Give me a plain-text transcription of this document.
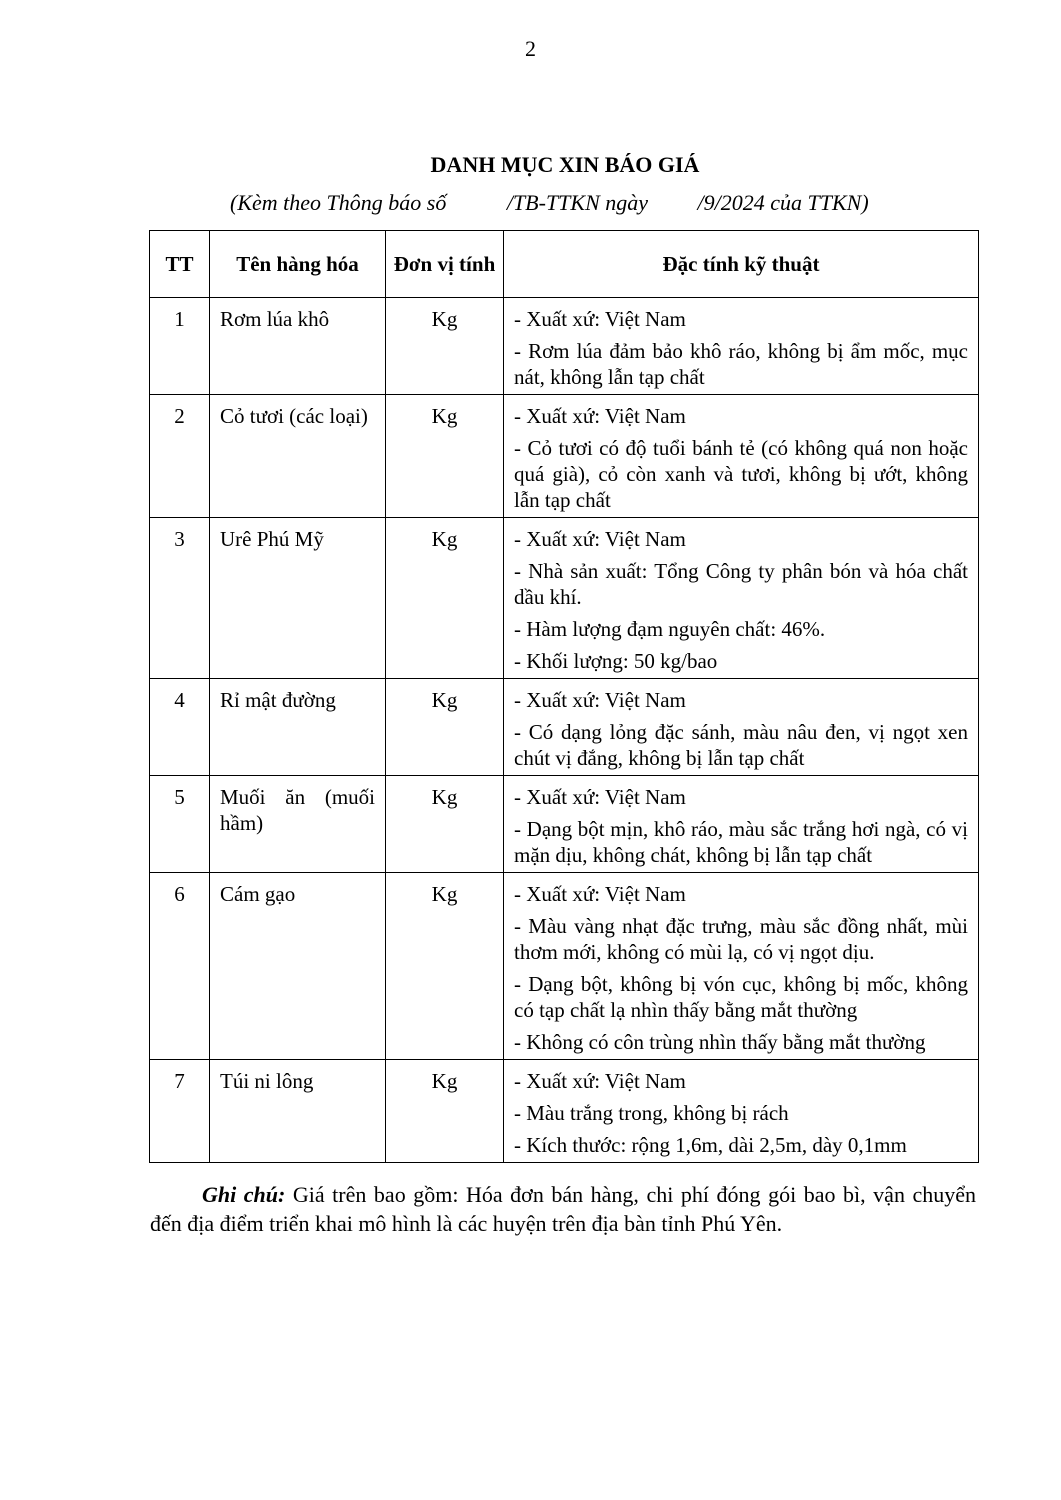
2
DANH MỤC XIN BÁO GIÁ
(Kèm theo Thông báo số           /TB-TTKN ngày         /9/2024 của TTKN)
TT	Tên hàng hóa	Đơn vị tính	Đặc tính kỹ thuật
1	Rơm lúa khô	Kg	- Xuất xứ: Việt Nam
- Rơm lúa đảm bảo khô ráo, không bị ẩm mốc, mục nát, không lẫn tạp chất

2	Cỏ tươi (các loại)	Kg	- Xuất xứ: Việt Nam
- Cỏ tươi có độ tuổi bánh tẻ (có không quá non hoặc quá già), cỏ còn xanh và tươi, không bị ướt, không lẫn tạp chất

3	Urê Phú Mỹ	Kg	- Xuất xứ: Việt Nam
- Nhà sản xuất: Tổng Công ty phân bón và hóa chất dầu khí.
- Hàm lượng đạm nguyên chất: 46%.
- Khối lượng: 50 kg/bao

4	Rỉ mật đường	Kg	- Xuất xứ: Việt Nam
- Có dạng lỏng đặc sánh, màu nâu đen, vị ngọt xen chút vị đắng, không bị lẫn tạp chất

5	Muối ăn (muối hầm)	Kg	- Xuất xứ: Việt Nam
- Dạng bột mịn, khô ráo, màu sắc trắng hơi ngà, có vị mặn dịu, không chát, không bị lẫn tạp chất

6	Cám gạo	Kg	- Xuất xứ: Việt Nam
- Màu vàng nhạt đặc trưng, màu sắc đồng nhất, mùi thơm mới, không có mùi lạ, có vị ngọt dịu.
- Dạng bột, không bị vón cục, không bị mốc, không có tạp chất lạ nhìn thấy bằng mắt thường
- Không có côn trùng nhìn thấy bằng mắt thường

7	Túi ni lông	Kg	- Xuất xứ: Việt Nam
- Màu trắng trong, không bị rách
- Kích thước: rộng 1,6m, dài 2,5m, dày 0,1mm
Ghi chú: Giá trên bao gồm: Hóa đơn bán hàng, chi phí đóng gói bao bì, vận chuyển đến địa điểm triển khai mô hình là các huyện trên địa bàn tỉnh Phú Yên.
